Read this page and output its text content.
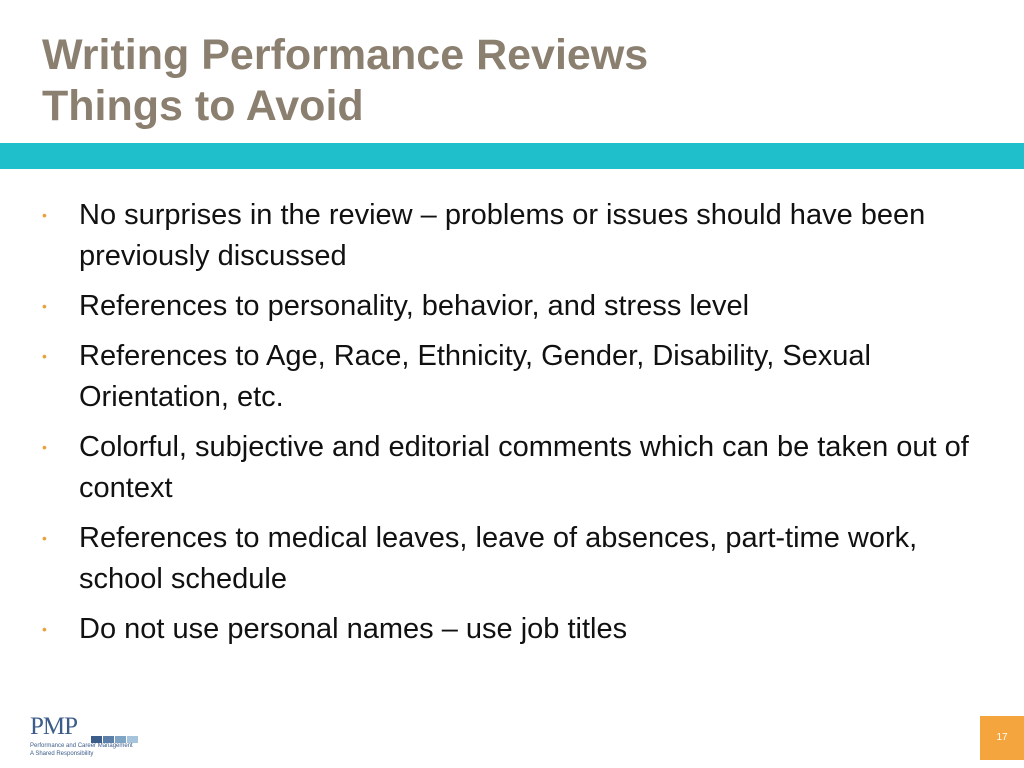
Writing Performance Reviews
Things to Avoid
• No surprises in the review – problems or issues should have been previously discussed
• References to personality, behavior, and stress level
• References to Age, Race, Ethnicity, Gender, Disability, Sexual Orientation, etc.
• Colorful, subjective and editorial comments which can be taken out of context
• References to medical leaves, leave of absences, part-time work, school schedule
• Do not use personal names – use job titles
PMP
Performance and Career Management
A Shared Responsibility
17
